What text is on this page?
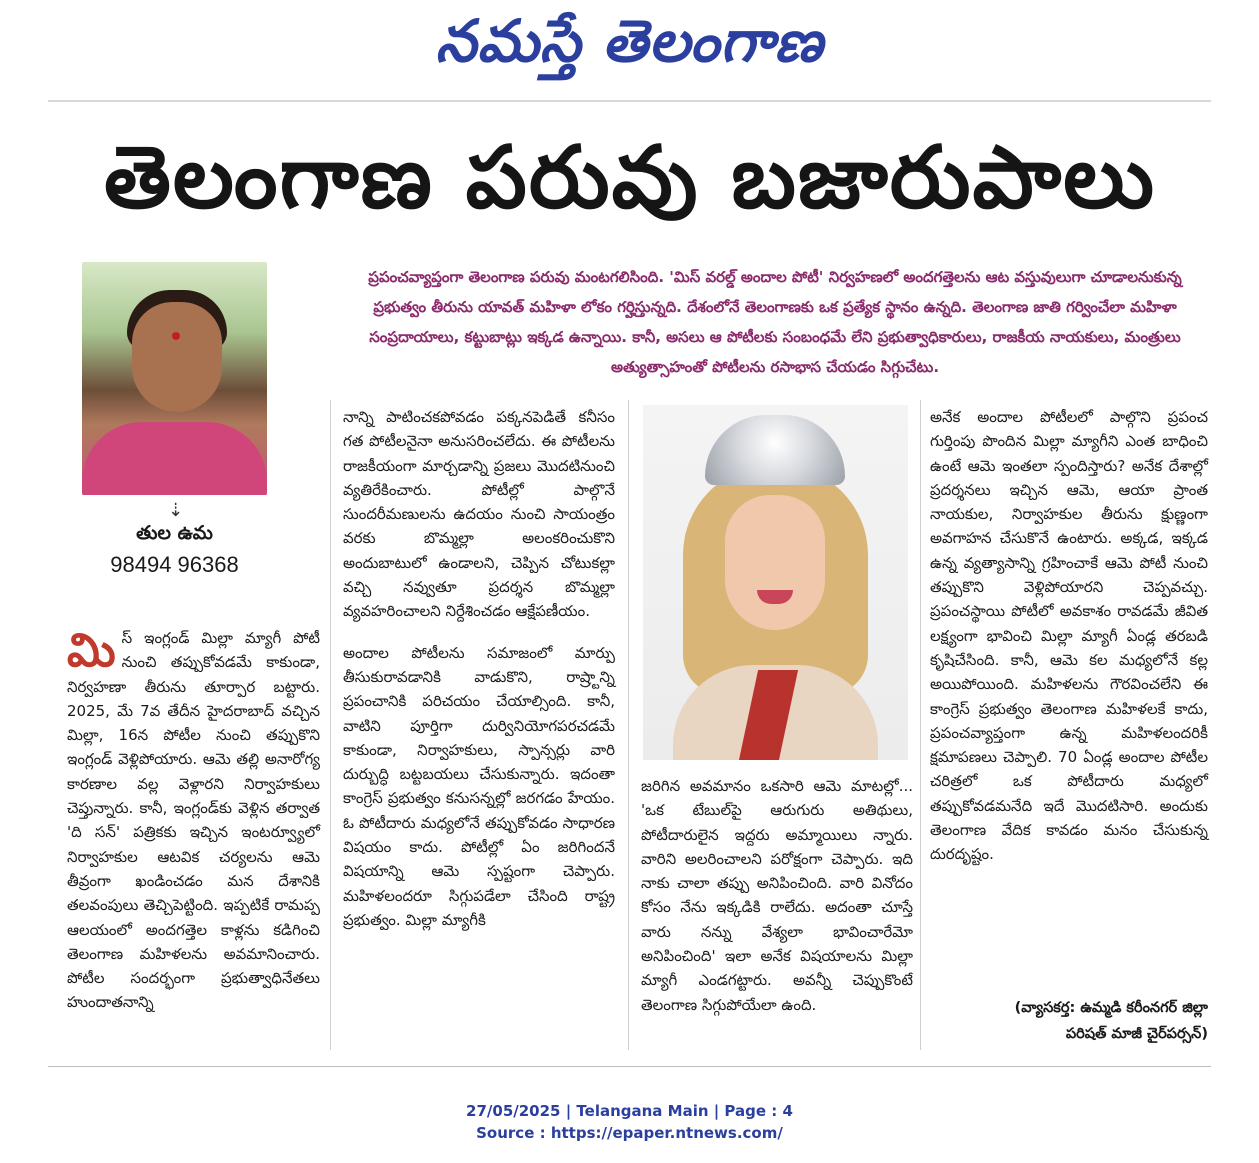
నమస్తే తెలంగాణ
తెలంగాణ పరువు బజారుపాలు
⇣
తుల ఉమ
98494 96368
ప్రపంచవ్యాప్తంగా తెలంగాణ పరువు మంటగలిసింది. 'మిస్ వరల్డ్ అందాల పోటీ' నిర్వహణలో అందగత్తెలను ఆట వస్తువులుగా చూడాలనుకున్న ప్రభుత్వం తీరును యావత్ మహిళా లోకం గర్హిస్తున్నది. దేశంలోనే తెలంగాణకు ఒక ప్రత్యేక స్థానం ఉన్నది. తెలంగాణ జాతి గర్వించేలా మహిళా సంప్రదాయాలు, కట్టుబాట్లు ఇక్కడ ఉన్నాయి. కానీ, అసలు ఆ పోటీలకు సంబంధమే లేని ప్రభుత్వాధికారులు, రాజకీయ నాయకులు, మంత్రులు అత్యుత్సాహంతో పోటీలను రసాభాస చేయడం సిగ్గుచేటు.

మిస్ ఇంగ్లండ్ మిల్లా మ్యాగీ పోటీ నుంచి తప్పుకోవడమే కాకుండా, నిర్వహణా తీరును తూర్పార బట్టారు. 2025, మే 7వ తేదీన హైదరాబాద్ వచ్చిన మిల్లా, 16న పోటీల నుంచి తప్పుకొని ఇంగ్లండ్ వెళ్లిపోయారు. ఆమె తల్లి అనారోగ్య కారణాల వల్ల వెళ్లారని నిర్వాహకులు చెప్తున్నారు. కానీ, ఇంగ్లండ్‌కు వెళ్లిన తర్వాత 'ది సన్' పత్రికకు ఇచ్చిన ఇంటర్వ్యూలో నిర్వాహకుల ఆటవిక చర్యలను ఆమె తీవ్రంగా ఖండించడం మన దేశానికి తలవంపులు తెచ్చిపెట్టింది. ఇప్పటికే రామప్ప ఆలయంలో అందగత్తెల కాళ్లను కడిగించి తెలంగాణ మహిళలను అవమానించారు. పోటీల సందర్భంగా ప్రభుత్వాధినేతలు హుందాతనాన్ని

నాన్ని పాటించకపోవడం పక్కనపెడితే కనీసం గత పోటీలనైనా అనుసరించలేదు. ఈ పోటీలను రాజకీయంగా మార్చడాన్ని ప్రజలు మొదటినుంచి వ్యతిరేకించారు. పోటీల్లో పాల్గొనే సుందరీమణులను ఉదయం నుంచి సాయంత్రం వరకు బొమ్మల్లా అలంకరించుకొని అందుబాటులో ఉండాలని, చెప్పిన చోటుకల్లా వచ్చి నవ్వుతూ ప్రదర్శన బొమ్మల్లా వ్యవహరించాలని నిర్దేశించడం ఆక్షేపణీయం.

అందాల పోటీలను సమాజంలో మార్పు తీసుకురావడానికి వాడుకొని, రాష్ర్టాన్ని ప్రపంచానికి పరిచయం చేయాల్సింది. కానీ, వాటిని పూర్తిగా దుర్వినియోగపరచడమే కాకుండా, నిర్వాహకులు, స్పాన్సర్లు వారి దుర్బుద్ధి బట్టబయలు చేసుకున్నారు. ఇదంతా కాంగ్రెస్ ప్రభుత్వం కనుసన్నల్లో జరగడం హేయం. ఓ పోటీదారు మధ్యలోనే తప్పుకోవడం సాధారణ విషయం కాదు. పోటీల్లో ఏం జరిగిందనే విషయాన్ని ఆమె స్పష్టంగా చెప్పారు. మహిళలందరూ సిగ్గుపడేలా చేసింది రాష్ట్ర ప్రభుత్వం. మిల్లా మ్యాగీకి

జరిగిన అవమానం ఒకసారి ఆమె మాటల్లో... 'ఒక టేబుల్‌పై ఆరుగురు అతిథులు, పోటీదారులైన ఇద్దరు అమ్మాయిలు న్నారు. వారిని అలరించాలని పరోక్షంగా చెప్పారు. ఇది నాకు చాలా తప్పు అనిపించింది. వారి వినోదం కోసం నేను ఇక్కడికి రాలేదు. అదంతా చూస్తే వారు నన్ను వేశ్యలా భావించారేమో అనిపించింది' ఇలా అనేక విషయాలను మిల్లా మ్యాగీ ఎండగట్టారు. అవన్నీ చెప్పుకొంటే తెలంగాణ సిగ్గుపోయేలా ఉంది.

అనేక అందాల పోటీలలో పాల్గొని ప్రపంచ గుర్తింపు పొందిన మిల్లా మ్యాగీని ఎంత బాధించి ఉంటే ఆమె ఇంతలా స్పందిస్తారు? అనేక దేశాల్లో ప్రదర్శనలు ఇచ్చిన ఆమె, ఆయా ప్రాంత నాయకుల, నిర్వాహకుల తీరును క్షుణ్ణంగా అవగాహన చేసుకొనే ఉంటారు. అక్కడ, ఇక్కడ ఉన్న వ్యత్యాసాన్ని గ్రహించాకే ఆమె పోటీ నుంచి తప్పుకొని వెళ్లిపోయారని చెప్పవచ్చు. ప్రపంచస్థాయి పోటీలో అవకాశం రావడమే జీవిత లక్ష్యంగా భావించి మిల్లా మ్యాగీ ఏండ్ల తరబడి కృషిచేసింది. కానీ, ఆమె కల మధ్యలోనే కల్ల అయిపోయింది. మహిళలను గౌరవించలేని ఈ కాంగ్రెస్ ప్రభుత్వం తెలంగాణ మహిళలకే కాదు, ప్రపంచవ్యాప్తంగా ఉన్న మహిళలందరికీ క్షమాపణలు చెప్పాలి. 70 ఏండ్ల అందాల పోటీల చరిత్రలో ఒక పోటీదారు మధ్యలో తప్పుకోవడమనేది ఇదే మొదటిసారి. అందుకు తెలంగాణ వేదిక కావడం మనం చేసుకున్న దురదృష్టం.

(వ్యాసకర్త: ఉమ్మడి కరీంనగర్ జిల్లా
పరిషత్ మాజీ చైర్‌పర్సన్)
27/05/2025 | Telangana Main | Page : 4
Source : https://epaper.ntnews.com/
